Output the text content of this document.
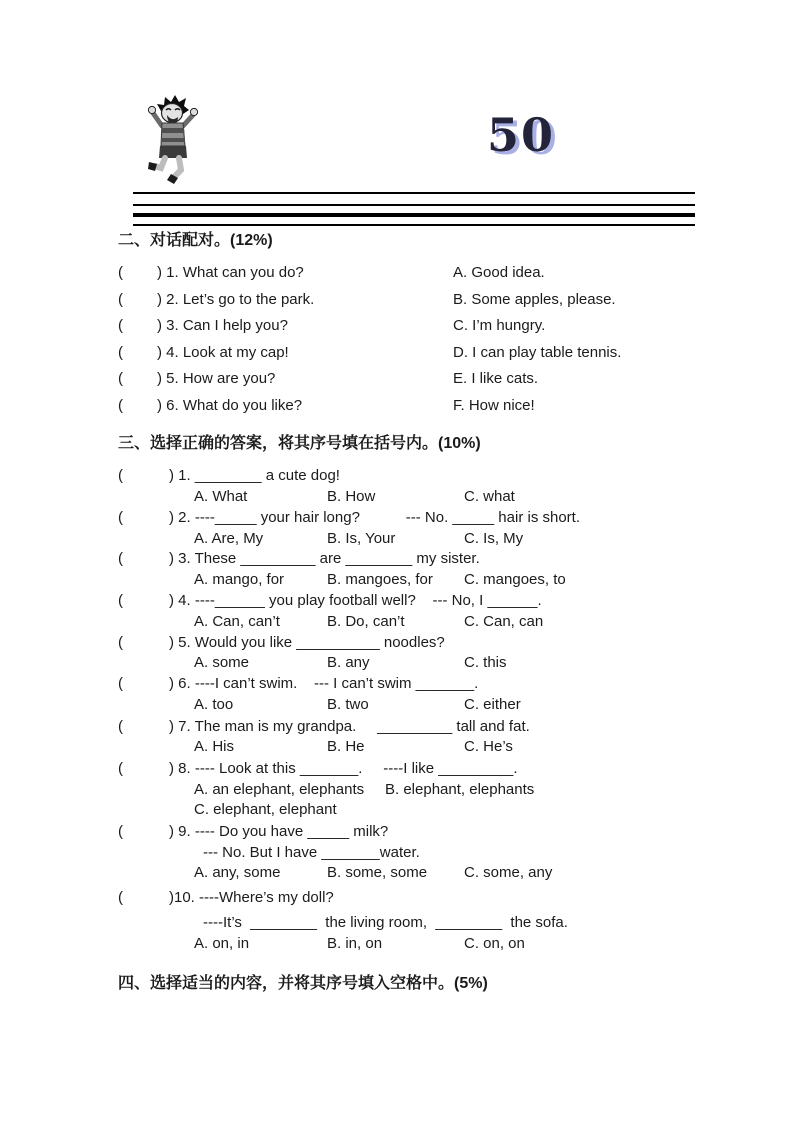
50
二、对话配对。(12%)
( ) 1. What can you do?	A. Good idea.
( ) 2. Let’s go to the park.	B. Some apples, please.
( ) 3. Can I help you?	C. I’m hungry.
( ) 4. Look at my cap!	D. I can play table tennis.
( ) 5. How are you?	E. I like cats.
( ) 6. What do you like?	F. How nice!
三、选择正确的答案，将其序号填在括号内。(10%)
(	) 1. ________ a cute dog!
A. What	B. How	C. what
(	) 2. ----_____ your hair long?           --- No. _____ hair is short.
A. Are, My	B. Is, Your	C. Is, My
(	) 3. These _________ are ________ my sister.
A. mango, for	B. mangoes, for	C. mangoes, to
(	) 4. ----______ you play football well?    --- No, I ______.
A. Can, can’t	B. Do, can’t	C. Can, can
(	) 5. Would you like __________ noodles?
A. some	B. any	C. this
(	) 6. ----I can’t swim.    --- I can’t swim _______.
A. too	B. two	C. either
(	) 7. The man is my grandpa.     _________ tall and fat.
A. His	B. He	C. He’s
(	) 8. ---- Look at this _______.     ----I like _________.
A. an elephant, elephants	B. elephant, elephants
C. elephant, elephant
(	) 9. ---- Do you have _____ milk?
--- No. But I have _______water.
A. any, some	B. some, some	C. some, any
(	)10. ----Where’s my doll?
----It’s  ________  the living room,  ________  the sofa.
A. on, in	B. in, on	C. on, on
四、选择适当的内容，并将其序号填入空格中。(5%)
